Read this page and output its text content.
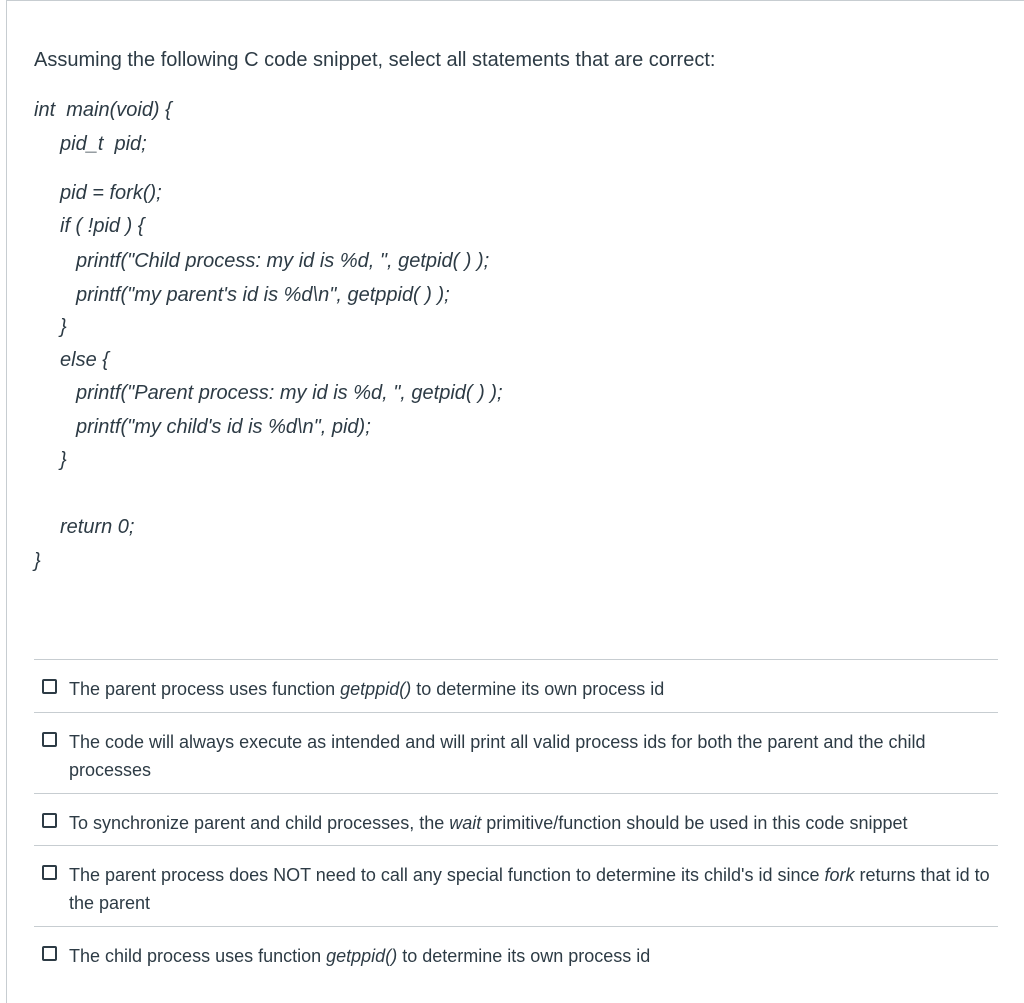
Assuming the following C code snippet, select all statements that are correct:
int  main(void) {
pid_t  pid;
pid = fork();
if ( !pid ) {
printf("Child process: my id is %d, ", getpid( ) );
printf("my parent's id is %d\n", getppid( ) );
}
else {
printf("Parent process: my id is %d, ", getpid( ) );
printf("my child's id is %d\n", pid);
}
return 0;
}
The parent process uses function getppid() to determine its own process id
The code will always execute as intended and will print all valid process ids for both the parent and the child processes
To synchronize parent and child processes, the wait primitive/function should be used in this code snippet
The parent process does NOT need to call any special function to determine its child's id since fork returns that id to the parent
The child process uses function getppid() to determine its own process id
